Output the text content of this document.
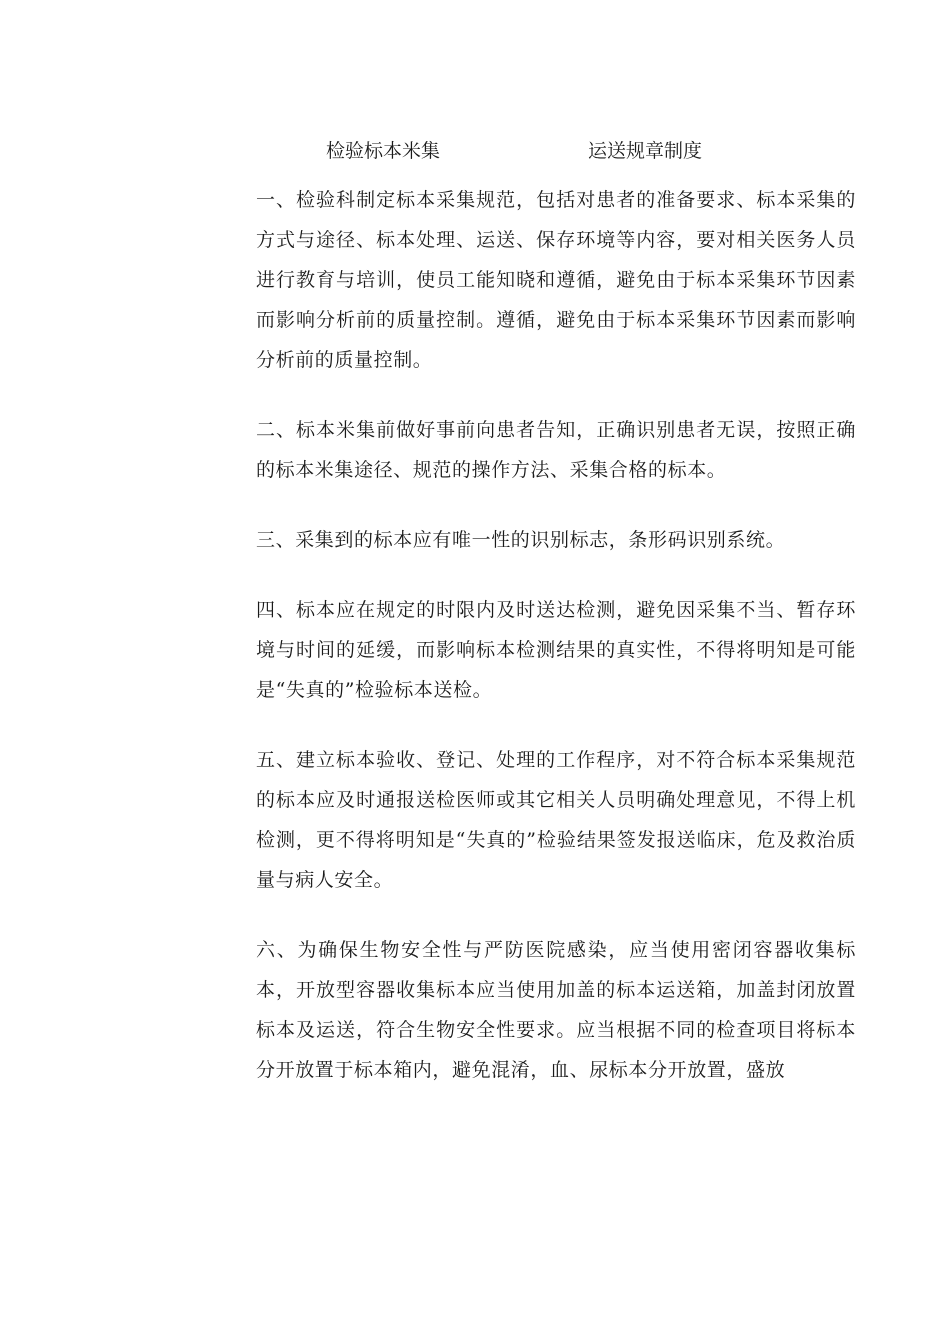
检验标本米集	运送规章制度

一、检验科制定标本采集规范，包括对患者的准备要求、标本采集的方式与途径、标本处理、运送、保存环境等内容，要对相关医务人员进行教育与培训，使员工能知晓和遵循，避免由于标本采集环节因素而影响分析前的质量控制。遵循，避免由于标本采集环节因素而影响分析前的质量控制。

二、标本米集前做好事前向患者告知，正确识别患者无误，按照正确的标本米集途径、规范的操作方法、采集合格的标本。

三、采集到的标本应有唯一性的识别标志，条形码识别系统。

四、标本应在规定的时限内及时送达检测，避免因采集不当、暂存环境与时间的延缓，而影响标本检测结果的真实性，不得将明知是可能是“失真的”检验标本送检。

五、建立标本验收、登记、处理的工作程序，对不符合标本采集规范的标本应及时通报送检医师或其它相关人员明确处理意见，不得上机检测，更不得将明知是“失真的”检验结果签发报送临床，危及救治质量与病人安全。

六、为确保生物安全性与严防医院感染，应当使用密闭容器收集标本，开放型容器收集标本应当使用加盖的标本运送箱，加盖封闭放置标本及运送，符合生物安全性要求。应当根据不同的检查项目将标本分开放置于标本箱内，避免混淆，血、尿标本分开放置，盛放
